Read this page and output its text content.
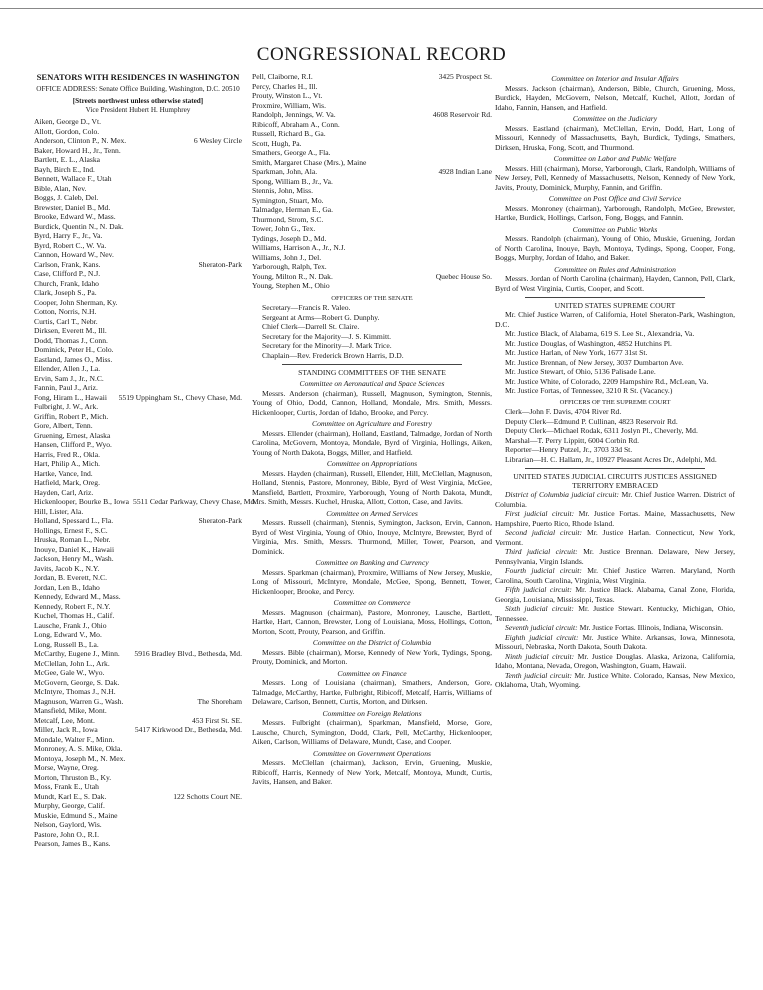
CONGRESSIONAL RECORD
SENATORS WITH RESIDENCES IN WASHINGTON
OFFICE ADDRESS: Senate Office Building, Washington, D.C. 20510
[Streets northwest unless otherwise stated]
Vice President Hubert H. Humphrey
Aiken, George D., Vt.
Allott, Gordon, Colo.
Anderson, Clinton P., N. Mex.	6 Wesley Circle
Baker, Howard H., Jr., Tenn.
Bartlett, E. L., Alaska
Bayh, Birch E., Ind.
Bennett, Wallace F., Utah
Bible, Alan, Nev.
Boggs, J. Caleb, Del.
Brewster, Daniel B., Md.
Brooke, Edward W., Mass.
Burdick, Quentin N., N. Dak.
Byrd, Harry F., Jr., Va.
Byrd, Robert C., W. Va.
Cannon, Howard W., Nev.
Carlson, Frank, Kans.	Sheraton-Park
Case, Clifford P., N.J.
Church, Frank, Idaho
Clark, Joseph S., Pa.
Cooper, John Sherman, Ky.
Cotton, Norris, N.H.
Curtis, Carl T., Nebr.
Dirksen, Everett M., Ill.
Dodd, Thomas J., Conn.
Dominick, Peter H., Colo.
Eastland, James O., Miss.
Ellender, Allen J., La.
Ervin, Sam J., Jr., N.C.
Fannin, Paul J., Ariz.
Fong, Hiram L., Hawaii	5519 Uppingham St., Chevy Chase, Md.
Fulbright, J. W., Ark.
Griffin, Robert P., Mich.
Gore, Albert, Tenn.
Gruening, Ernest, Alaska
Hansen, Clifford P., Wyo.
Harris, Fred R., Okla.
Hart, Philip A., Mich.
Hartke, Vance, Ind.
Hatfield, Mark, Oreg.
Hayden, Carl, Ariz.
Hickenlooper, Bourke B., Iowa 5511 Cedar Parkway, Chevy Chase, Md.
Hill, Lister, Ala.
Holland, Spessard L., Fla.	Sheraton-Park
Hollings, Ernest F., S.C.
Hruska, Roman L., Nebr.
Inouye, Daniel K., Hawaii
Jackson, Henry M., Wash.
Javits, Jacob K., N.Y.
Jordan, B. Everett, N.C.
Jordan, Len B., Idaho
Kennedy, Edward M., Mass.
Kennedy, Robert F., N.Y.
Kuchel, Thomas H., Calif.
Lausche, Frank J., Ohio
Long, Edward V., Mo.
Long, Russell B., La.
McCarthy, Eugene J., Minn.	5916 Bradley Blvd., Bethesda, Md.
McClellan, John L., Ark.
McGee, Gale W., Wyo.
McGovern, George, S. Dak.
McIntyre, Thomas J., N.H.
Magnuson, Warren G., Wash.	The Shoreham
Mansfield, Mike, Mont.
Metcalf, Lee, Mont.	453 First St. SE.
Miller, Jack R., Iowa	5417 Kirkwood Dr., Bethesda, Md.
Mondale, Walter F., Minn.
Monroney, A. S. Mike, Okla.
Montoya, Joseph M., N. Mex.
Morse, Wayne, Oreg.
Morton, Thruston B., Ky.
Moss, Frank E., Utah
Mundt, Karl E., S. Dak.	122 Schotts Court NE.
Murphy, George, Calif.
Muskie, Edmund S., Maine
Nelson, Gaylord, Wis.
Pastore, John O., R.I.
Pearson, James B., Kans.
Pell, Claiborne, R.I.	3425 Prospect St.
Percy, Charles H., Ill.
Prouty, Winston L., Vt.
Proxmire, William, Wis.
Randolph, Jennings, W. Va.	4608 Reservoir Rd.
Ribicoff, Abraham A., Conn.
Russell, Richard B., Ga.
Scott, Hugh, Pa.
Smathers, George A., Fla.
Smith, Margaret Chase (Mrs.), Maine
Sparkman, John, Ala.	4928 Indian Lane
Spong, William B., Jr., Va.
Stennis, John, Miss.
Symington, Stuart, Mo.
Talmadge, Herman E., Ga.
Thurmond, Strom, S.C.
Tower, John G., Tex.
Tydings, Joseph D., Md.
Williams, Harrison A., Jr., N.J.
Williams, John J., Del.
Yarborough, Ralph, Tex.
Young, Milton R., N. Dak.	Quebec House So.
Young, Stephen M., Ohio
OFFICERS OF THE SENATE
Secretary—Francis R. Valeo.
Sergeant at Arms—Robert G. Dunphy.
Chief Clerk—Darrell St. Claire.
Secretary for the Majority—J. S. Kimmitt.
Secretary for the Minority—J. Mark Trice.
Chaplain—Rev. Frederick Brown Harris, D.D.
STANDING COMMITTEES OF THE SENATE
Committee on Aeronautical and Space Sciences
Messrs. Anderson (chairman), Russell, Magnuson, Symington, Stennis, Young of Ohio, Dodd, Cannon, Holland, Mondale, Mrs. Smith, Messrs. Hickenlooper, Curtis, Jordan of Idaho, Brooke, and Percy.
Committee on Agriculture and Forestry
Messrs. Ellender (chairman), Holland, Eastland, Talmadge, Jordan of North Carolina, McGovern, Montoya, Mondale, Byrd of Virginia, Hollings, Aiken, Young of North Dakota, Boggs, Miller, and Hatfield.
Committee on Appropriations
Messrs. Hayden (chairman), Russell, Ellender, Hill, McClellan, Magnuson, Holland, Stennis, Pastore, Monroney, Bible, Byrd of West Virginia, McGee, Mansfield, Bartlett, Proxmire, Yarborough, Young of North Dakota, Mundt, Mrs. Smith, Messrs. Kuchel, Hruska, Allott, Cotton, Case, and Javits.
Committee on Armed Services
Messrs. Russell (chairman), Stennis, Symington, Jackson, Ervin, Cannon, Byrd of West Virginia, Young of Ohio, Inouye, McIntyre, Brewster, Byrd of Virginia, Mrs. Smith, Messrs. Thurmond, Miller, Tower, Pearson, and Dominick.
Committee on Banking and Currency
Messrs. Sparkman (chairman), Proxmire, Williams of New Jersey, Muskie, Long of Missouri, McIntyre, Mondale, McGee, Spong, Bennett, Tower, Hickenlooper, Brooke, and Percy.
Committee on Commerce
Messrs. Magnuson (chairman), Pastore, Monroney, Lausche, Bartlett, Hartke, Hart, Cannon, Brewster, Long of Louisiana, Moss, Hollings, Cotton, Morton, Scott, Prouty, Pearson, and Griffin.
Committee on the District of Columbia
Messrs. Bible (chairman), Morse, Kennedy of New York, Tydings, Spong, Prouty, Dominick, and Morton.
Committee on Finance
Messrs. Long of Louisiana (chairman), Smathers, Anderson, Gore, Talmadge, McCarthy, Hartke, Fulbright, Ribicoff, Metcalf, Harris, Williams of Delaware, Carlson, Bennett, Curtis, Morton, and Dirksen.
Committee on Foreign Relations
Messrs. Fulbright (chairman), Sparkman, Mansfield, Morse, Gore, Lausche, Church, Symington, Dodd, Clark, Pell, McCarthy, Hickenlooper, Aiken, Carlson, Williams of Delaware, Mundt, Case, and Cooper.
Committee on Government Operations
Messrs. McClellan (chairman), Jackson, Ervin, Gruening, Muskie, Ribicoff, Harris, Kennedy of New York, Metcalf, Montoya, Mundt, Curtis, Javits, Hansen, and Baker.
Committee on Interior and Insular Affairs
Messrs. Jackson (chairman), Anderson, Bible, Church, Gruening, Moss, Burdick, Hayden, McGovern, Nelson, Metcalf, Kuchel, Allott, Jordan of Idaho, Fannin, Hansen, and Hatfield.
Committee on the Judiciary
Messrs. Eastland (chairman), McClellan, Ervin, Dodd, Hart, Long of Missouri, Kennedy of Massachusetts, Bayh, Burdick, Tydings, Smathers, Dirksen, Hruska, Fong, Scott, and Thurmond.
Committee on Labor and Public Welfare
Messrs. Hill (chairman), Morse, Yarborough, Clark, Randolph, Williams of New Jersey, Pell, Kennedy of Massachusetts, Nelson, Kennedy of New York, Javits, Prouty, Dominick, Murphy, Fannin, and Griffin.
Committee on Post Office and Civil Service
Messrs. Monroney (chairman), Yarborough, Randolph, McGee, Brewster, Hartke, Burdick, Hollings, Carlson, Fong, Boggs, and Fannin.
Committee on Public Works
Messrs. Randolph (chairman), Young of Ohio, Muskie, Gruening, Jordan of North Carolina, Inouye, Bayh, Montoya, Tydings, Spong, Cooper, Fong, Boggs, Murphy, Jordan of Idaho, and Baker.
Committee on Rules and Administration
Messrs. Jordan of North Carolina (chairman), Hayden, Cannon, Pell, Clark, Byrd of West Virginia, Curtis, Cooper, and Scott.
UNITED STATES SUPREME COURT
Mr. Chief Justice Warren, of California, Hotel Sheraton-Park, Washington, D.C.
Mr. Justice Black, of Alabama, 619 S. Lee St., Alexandria, Va.
Mr. Justice Douglas, of Washington, 4852 Hutchins Pl.
Mr. Justice Harlan, of New York, 1677 31st St.
Mr. Justice Brennan, of New Jersey, 3037 Dumbarton Ave.
Mr. Justice Stewart, of Ohio, 5136 Palisade Lane.
Mr. Justice White, of Colorado, 2209 Hampshire Rd., McLean, Va.
Mr. Justice Fortas, of Tennessee, 3210 R St. (Vacancy.)
OFFICERS OF THE SUPREME COURT
Clerk—John F. Davis, 4704 River Rd.
Deputy Clerk—Edmund P. Cullinan, 4823 Reservoir Rd.
Deputy Clerk—Michael Rodak, 6311 Joslyn Pl., Cheverly, Md.
Marshal—T. Perry Lippitt, 6004 Corbin Rd.
Reporter—Henry Putzel, Jr., 3703 33d St.
Librarian—H. C. Hallam, Jr., 10927 Pleasant Acres Dr., Adelphi, Md.
UNITED STATES JUDICIAL CIRCUITS JUSTICES ASSIGNED TERRITORY EMBRACED
District of Columbia judicial circuit: Mr. Chief Justice Warren. District of Columbia.
First judicial circuit: Mr. Justice Fortas. Maine, Massachusetts, New Hampshire, Puerto Rico, Rhode Island.
Second judicial circuit: Mr. Justice Harlan. Connecticut, New York, Vermont.
Third judicial circuit: Mr. Justice Brennan. Delaware, New Jersey, Pennsylvania, Virgin Islands.
Fourth judicial circuit: Mr. Chief Justice Warren. Maryland, North Carolina, South Carolina, Virginia, West Virginia.
Fifth judicial circuit: Mr. Justice Black. Alabama, Canal Zone, Florida, Georgia, Louisiana, Mississippi, Texas.
Sixth judicial circuit: Mr. Justice Stewart. Kentucky, Michigan, Ohio, Tennessee.
Seventh judicial circuit: Mr. Justice Fortas. Illinois, Indiana, Wisconsin.
Eighth judicial circuit: Mr. Justice White. Arkansas, Iowa, Minnesota, Missouri, Nebraska, North Dakota, South Dakota.
Ninth judicial circuit: Mr. Justice Douglas. Alaska, Arizona, California, Idaho, Montana, Nevada, Oregon, Washington, Guam, Hawaii.
Tenth judicial circuit: Mr. Justice White. Colorado, Kansas, New Mexico, Oklahoma, Utah, Wyoming.
